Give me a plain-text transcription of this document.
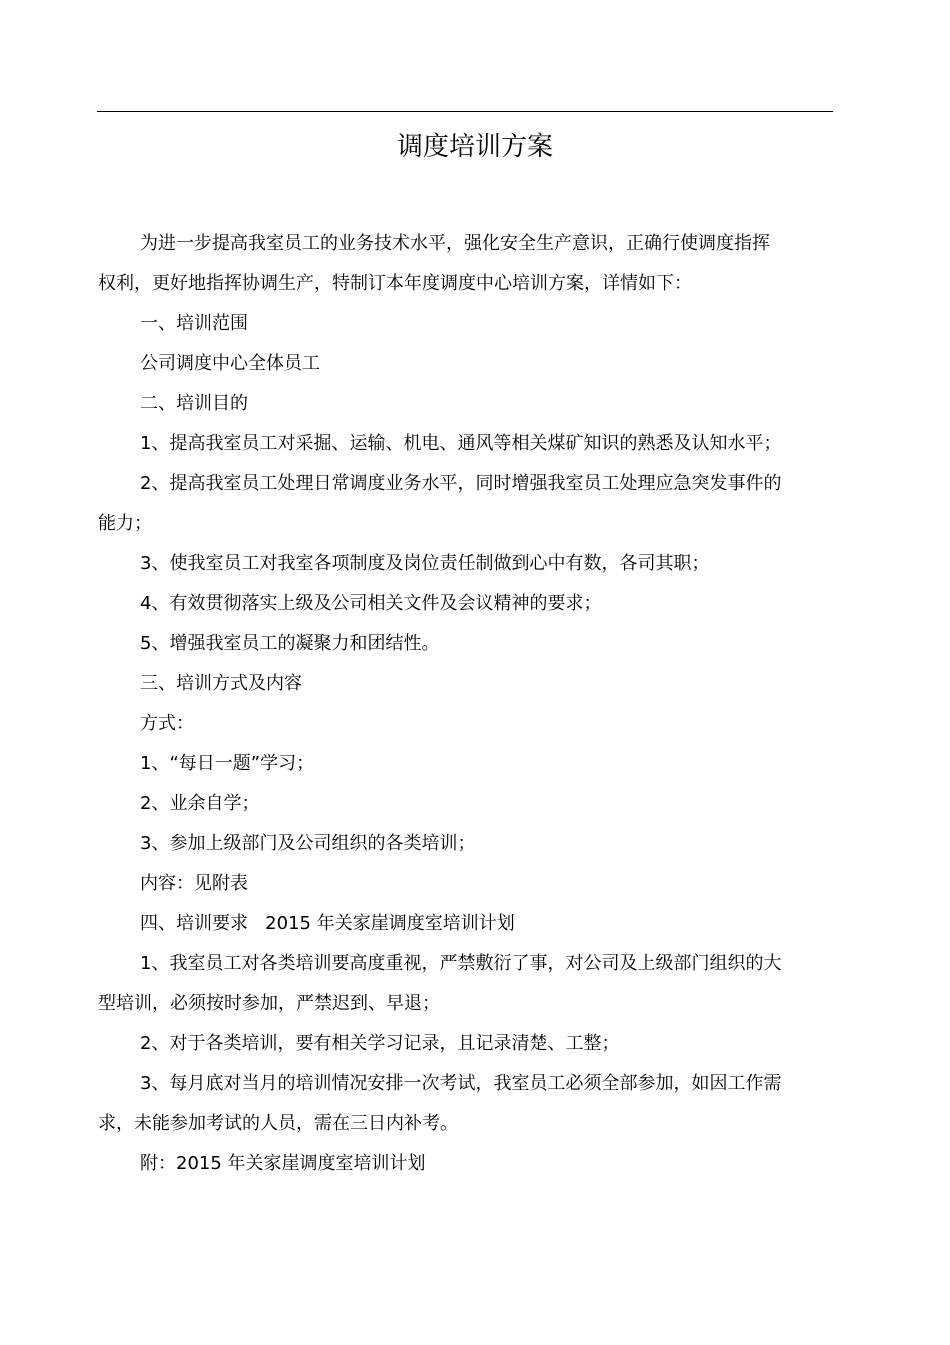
调度培训方案

为进一步提高我室员工的业务技术水平，强化安全生产意识，正确行使调度指挥权利，更好地指挥协调生产，特制订本年度调度中心培训方案，详情如下：

一、培训范围

公司调度中心全体员工

二、培训目的

1、提高我室员工对采掘、运输、机电、通风等相关煤矿知识的熟悉及认知水平；

2、提高我室员工处理日常调度业务水平，同时增强我室员工处理应急突发事件的能力；

3、使我室员工对我室各项制度及岗位责任制做到心中有数，各司其职；

4、有效贯彻落实上级及公司相关文件及会议精神的要求；

5、增强我室员工的凝聚力和团结性。

三、培训方式及内容

方式：

1、“每日一题”学习；

2、业余自学；

3、参加上级部门及公司组织的各类培训；

内容：见附表

四、培训要求   2015 年关家崖调度室培训计划

1、我室员工对各类培训要高度重视，严禁敷衍了事，对公司及上级部门组织的大型培训，必须按时参加，严禁迟到、早退；

2、对于各类培训，要有相关学习记录，且记录清楚、工整；

3、每月底对当月的培训情况安排一次考试，我室员工必须全部参加，如因工作需求，未能参加考试的人员，需在三日内补考。

附：2015 年关家崖调度室培训计划
